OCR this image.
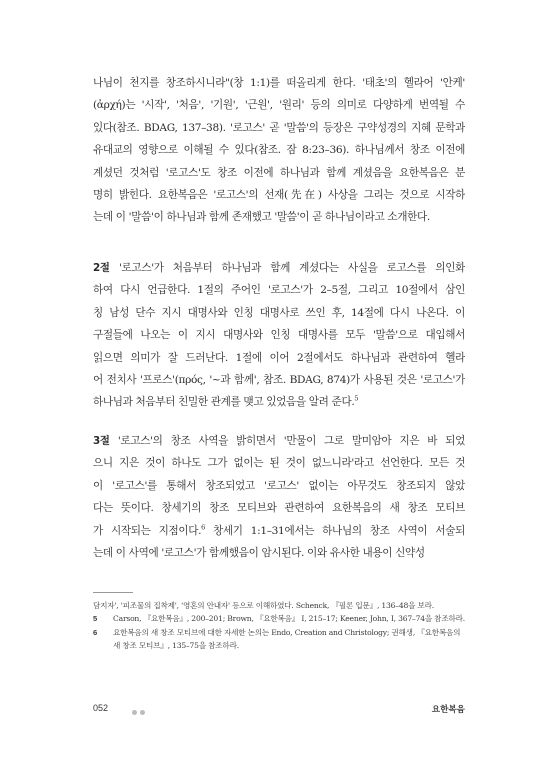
나님이 천지를 창조하시니라"(창 1:1)를 떠올리게 한다. '태초'의 헬라어 '안케'
(ἀρχή)는 '시작', '처음', '기원', '근원', '원리' 등의 의미로 다양하게 번역될 수
있다(참조. BDAG, 137–38). '로고스' 곧 '말씀'의 등장은 구약성경의 지혜 문학과
유대교의 영향으로 이해될 수 있다(참조. 잠 8:23–36). 하나님께서 창조 이전에
계셨던 것처럼 '로고스'도 창조 이전에 하나님과 함께 계셨음을 요한복음은 분
명히 밝힌다. 요한복음은 '로고스'의 선재(先在) 사상을 그리는 것으로 시작하
는데 이 '말씀'이 하나님과 함께 존재했고 '말씀'이 곧 하나님이라고 소개한다.

2절 '로고스'가 처음부터 하나님과 함께 계셨다는 사실을 로고스를 의인화
하여 다시 언급한다. 1절의 주어인 '로고스'가 2–5절, 그리고 10절에서 삼인
칭 남성 단수 지시 대명사와 인칭 대명사로 쓰인 후, 14절에 다시 나온다. 이
구절들에 나오는 이 지시 대명사와 인칭 대명사를 모두 '말씀'으로 대입해서
읽으면 의미가 잘 드러난다. 1절에 이어 2절에서도 하나님과 관련하여 헬라
어 전치사 '프로스'(πρός, '~과 함께', 참조. BDAG, 874)가 사용된 것은 '로고스'가
하나님과 처음부터 친밀한 관계를 맺고 있었음을 알려 준다.$^5$

3절 '로고스'의 창조 사역을 밝히면서 '만물이 그로 말미암아 지은 바 되었
으니 지은 것이 하나도 그가 없이는 된 것이 없느니라'라고 선언한다. 모든 것
이 '로고스'를 통해서 창조되었고 '로고스' 없이는 아무것도 창조되지 않았
다는 뜻이다. 창세기의 창조 모티브와 관련하여 요한복음의 새 창조 모티브
가 시작되는 지점이다.$^6$ 창세기 1:1–31에서는 하나님의 창조 사역이 서술되
는데 이 사역에 '로고스'가 함께했음이 암시된다. 이와 유사한 내용이 신약성

담지자', '피조물의 집착제', '영혼의 안내자' 등으로 이해하였다. Schenck, 『필론 입문』, 136–48을 보라.
5	Carson, 『요한복음』, 200–201; Brown, 『요한복음』 I, 215–17; Keener, John, I, 367–74을 참조하라.
6	요한복음의 새 창조 모티브에 대한 자세한 논의는 Endo, Creation and Christology; 권해생, 『요한복음의 새 창조 모티브』, 135–75을 참조하라.
052	요한복음
